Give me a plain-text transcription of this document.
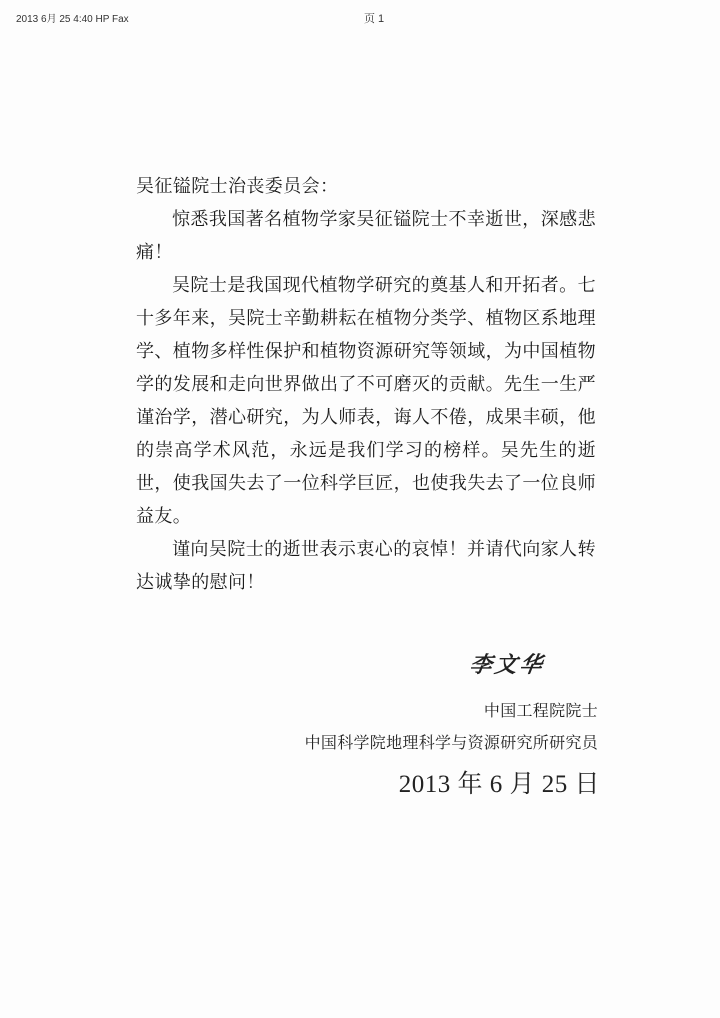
2013 6月 25 4:40 HP Fax	页 1

吴征镒院士治丧委员会：

惊悉我国著名植物学家吴征镒院士不幸逝世，深感悲痛！

吴院士是我国现代植物学研究的奠基人和开拓者。七十多年来，吴院士辛勤耕耘在植物分类学、植物区系地理学、植物多样性保护和植物资源研究等领域，为中国植物学的发展和走向世界做出了不可磨灭的贡献。先生一生严谨治学，潜心研究，为人师表，诲人不倦，成果丰硕，他的崇高学术风范，永远是我们学习的榜样。吴先生的逝世，使我国失去了一位科学巨匠，也使我失去了一位良师益友。

谨向吴院士的逝世表示衷心的哀悼！并请代向家人转达诚挚的慰问！

李文华
中国工程院院士
中国科学院地理科学与资源研究所研究员
2013 年 6 月 25 日
